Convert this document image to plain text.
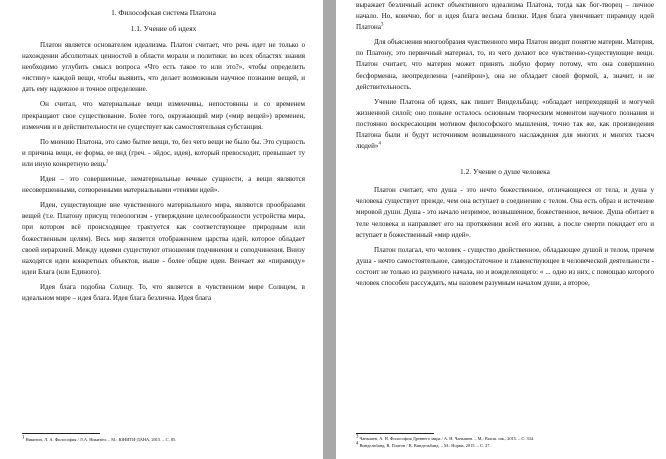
1. Философская система Платона
1.1. Учение об идеях

Платон является основателем идеализма. Платон считает, что речь идет не только о нахождении абсолютных ценностей в области морали и политики: во всех областях знания необходимо углубить смысл вопроса «Что есть такое то или это?», чтобы определить «истину» каждой вещи, чтобы выявить, что делает возможным научное познание вещей, и дать ему надежное и точное определение.

Он считал, что материальные вещи изменчивы, непостоянны и со временем прекращают свое существование. Более того, окружающий мир («мир вещей») временен, изменчив и в действительности не существует как самостоятельная субстанция.

По мнению Платона, это само бытие вещи, то, без чего вещи не было бы. Это сущность и причина вещи, ее форма, ее вид (греч. - эйдос, идея), который превосходит, превышает ту или иную конкретную вещь$^1$

Идеи – это совершенные, нематериальные вечные сущности, а вещи являются несовершенными, сотворенными материальными «тенями идей».

Идеи, существующие вне чувственного материального мира, являются прообразами вещей (т.е. Платону присущ телеологизм - утверждение целесообразности устройства мира, при котором всё происходящее трактуется как соответствующее природным или божественным целям). Весь мир является отображением царства идей, которое обладает своей иерархией. Между идеями существуют отношения подчинения и соподчинения. Внизу находятся идеи конкретных объектов, выше - более общие идеи. Венчает же «пирамиду» идеи Блага (или Единого).

Идея блага подобна Солнцу. То, что является в чувственном мире Солнцем, в идеальном мире – идея блага. Идея блага безлична. Идея блага

$^1$ Никитич, Л. А. Философия / Л.А. Никитич. – М.: ЮНИТИ-ДАНА, 2015. – С. 85.

выражает безличный аспект объективного идеализма Платона, тогда как бог-творец – личное начало. Но, конечно, бог и идея блага весьма близки. Идея блага увенчивает пирамиду идей Платона$^3$

Для объяснения многообразия чувственного мира Платон вводит понятие материи. Материя, по Платону, это первичный материал, то, из чего делают все чувственно-существующие вещи. Платон считает, что материя может принять любую форму потому, что она совершенно бесформенна, неопределенна («апейрон»), она не обладает своей формой, а, значит, и не действительность.

Учение Платона об идеях, как пишет Виндельбанд: «обладает непреходящей и могучей жизненной силой; оно поныне осталось основным творческим моментом научного познания и постоянно воскресающим мотивом философского мышления, точно так же, как произведения Платона были и будут источником возвышенного наслаждения для многих и многих тысяч людей»$^4$

1.2. Учение о душе человека

Платон считает, что душа - это нечто божественное, отличающееся от тела, и душа у человека существует прежде, чем она вступает в соединение с телом. Она есть образ и истечение мировой души. Душа - это начало незримое, возвышенное, божественное, вечное. Душа обитает в теле человека и направляет его на протяжении всей его жизни, а после смерти покидает его и вступает в божественный «мир идей».

Платон полагал, что человек - существо двойственное, обладающее душой и телом, причем душа - нечто самостоятельное, самодостаточное и главенствующее в человеческой деятельности - состоит не только из разумного начала, но и вожделеющего: « ... одно из них, с помощью которого человек способен рассуждать, мы назовем разумным началом души, а второе,

$^3$ Чанышев, А. Н. Философия Древнего мира / А. Н. Чанышев. – М.: Высш. шк., 2015. – С. 334.
$^4$ Виндельбанд, В. Платон / В. Виндельбанд. – М.: Норма, 2015. – С. 27.
